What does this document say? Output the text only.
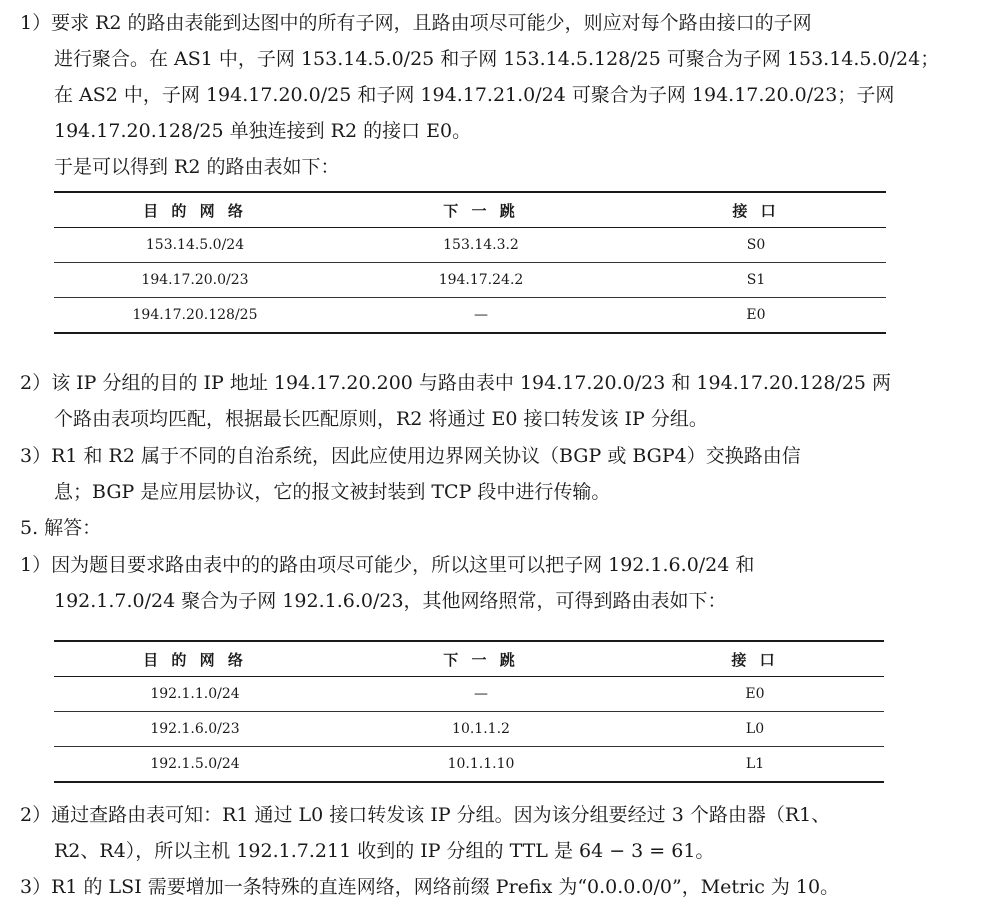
1）要求 R2 的路由表能到达图中的所有子网，且路由项尽可能少，则应对每个路由接口的子网
进行聚合。在 AS1 中，子网 153.14.5.0/25 和子网 153.14.5.128/25 可聚合为子网 153.14.5.0/24；
在 AS2 中，子网 194.17.20.0/25 和子网 194.17.21.0/24 可聚合为子网 194.17.20.0/23；子网
194.17.20.128/25 单独连接到 R2 的接口 E0。
于是可以得到 R2 的路由表如下：
目 的 网 络	下 一 跳	接 口
153.14.5.0/24	153.14.3.2	S0
194.17.20.0/23	194.17.24.2	S1
194.17.20.128/25	—	E0
2）该 IP 分组的目的 IP 地址 194.17.20.200 与路由表中 194.17.20.0/23 和 194.17.20.128/25 两
个路由表项均匹配，根据最长匹配原则，R2 将通过 E0 接口转发该 IP 分组。
3）R1 和 R2 属于不同的自治系统，因此应使用边界网关协议（BGP 或 BGP4）交换路由信
息；BGP 是应用层协议，它的报文被封装到 TCP 段中进行传输。
5. 解答：
1）因为题目要求路由表中的的路由项尽可能少，所以这里可以把子网 192.1.6.0/24 和
192.1.7.0/24 聚合为子网 192.1.6.0/23，其他网络照常，可得到路由表如下：
目 的 网 络	下 一 跳	接 口
192.1.1.0/24	—	E0
192.1.6.0/23	10.1.1.2	L0
192.1.5.0/24	10.1.1.10	L1
2）通过查路由表可知：R1 通过 L0 接口转发该 IP 分组。因为该分组要经过 3 个路由器（R1、
R2、R4），所以主机 192.1.7.211 收到的 IP 分组的 TTL 是 64 − 3 = 61。
3）R1 的 LSI 需要增加一条特殊的直连网络，网络前缀 Prefix 为“0.0.0.0/0”，Metric 为 10。
